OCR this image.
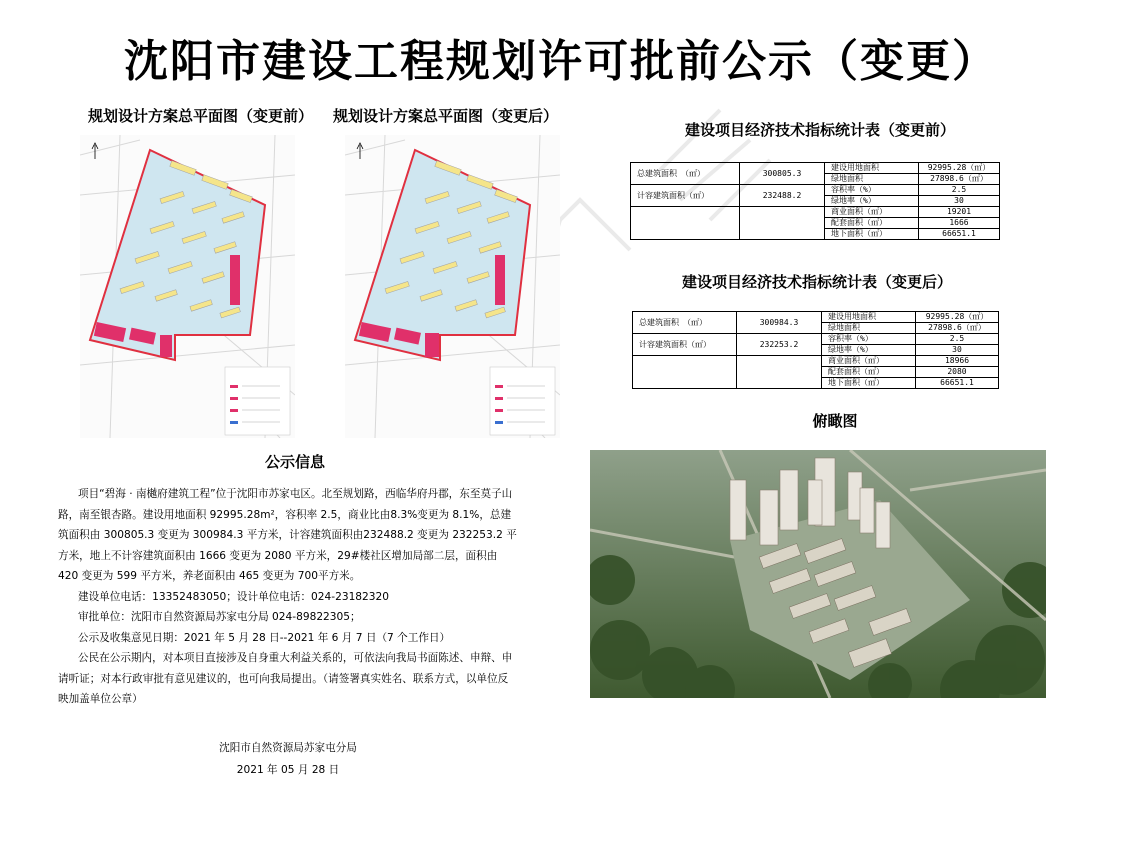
沈阳市建设工程规划许可批前公示（变更）
规划设计方案总平面图（变更前） 规划设计方案总平面图（变更后）
建设项目经济技术指标统计表（变更前）
总建筑面积　（㎡）	300805.3	建设用地面积	92995.28（㎡）
		绿地面积	27898.6（㎡）
计容建筑面积（㎡）	232488.2	容积率（%）	2.5
		绿地率（%）	30
		商业面积（㎡）	19201
		配套面积（㎡）	1666
		地下面积（㎡）	66651.1
建设项目经济技术指标统计表（变更后）
总建筑面积　（㎡）	300984.3	建设用地面积	92995.28（㎡）
		绿地面积	27898.6（㎡）
计容建筑面积（㎡）	232253.2	容积率（%）	2.5
		绿地率（%）	30
		商业面积（㎡）	18966
		配套面积（㎡）	2080
		地下面积（㎡）	66651.1
俯瞰图
公示信息

项目“碧海 · 南樾府建筑工程”位于沈阳市苏家屯区。北至规划路，西临华府丹郡，东至莫子山路，南至银杏路。建设用地面积 92995.28m²，容积率 2.5，商业比由8.3%变更为 8.1%，总建筑面积由 300805.3 变更为 300984.3 平方米，计容建筑面积由232488.2 变更为 232253.2 平方米，地上不计容建筑面积由 1666 变更为 2080 平方米，29#楼社区增加局部二层，面积由 420 变更为 599 平方米，养老面积由 465 变更为 700平方米。

建设单位电话：13352483050；设计单位电话：024-23182320

审批单位：沈阳市自然资源局苏家屯分局 024-89822305；

公示及收集意见日期：2021 年 5 月 28 日--2021 年 6 月 7 日（7 个工作日）

公民在公示期内，对本项目直接涉及自身重大利益关系的，可依法向我局书面陈述、申辩、申请听证；对本行政审批有意见建议的，也可向我局提出。（请签署真实姓名、联系方式，以单位反映加盖单位公章）

沈阳市自然资源局苏家屯分局
2021 年 05 月 28 日
